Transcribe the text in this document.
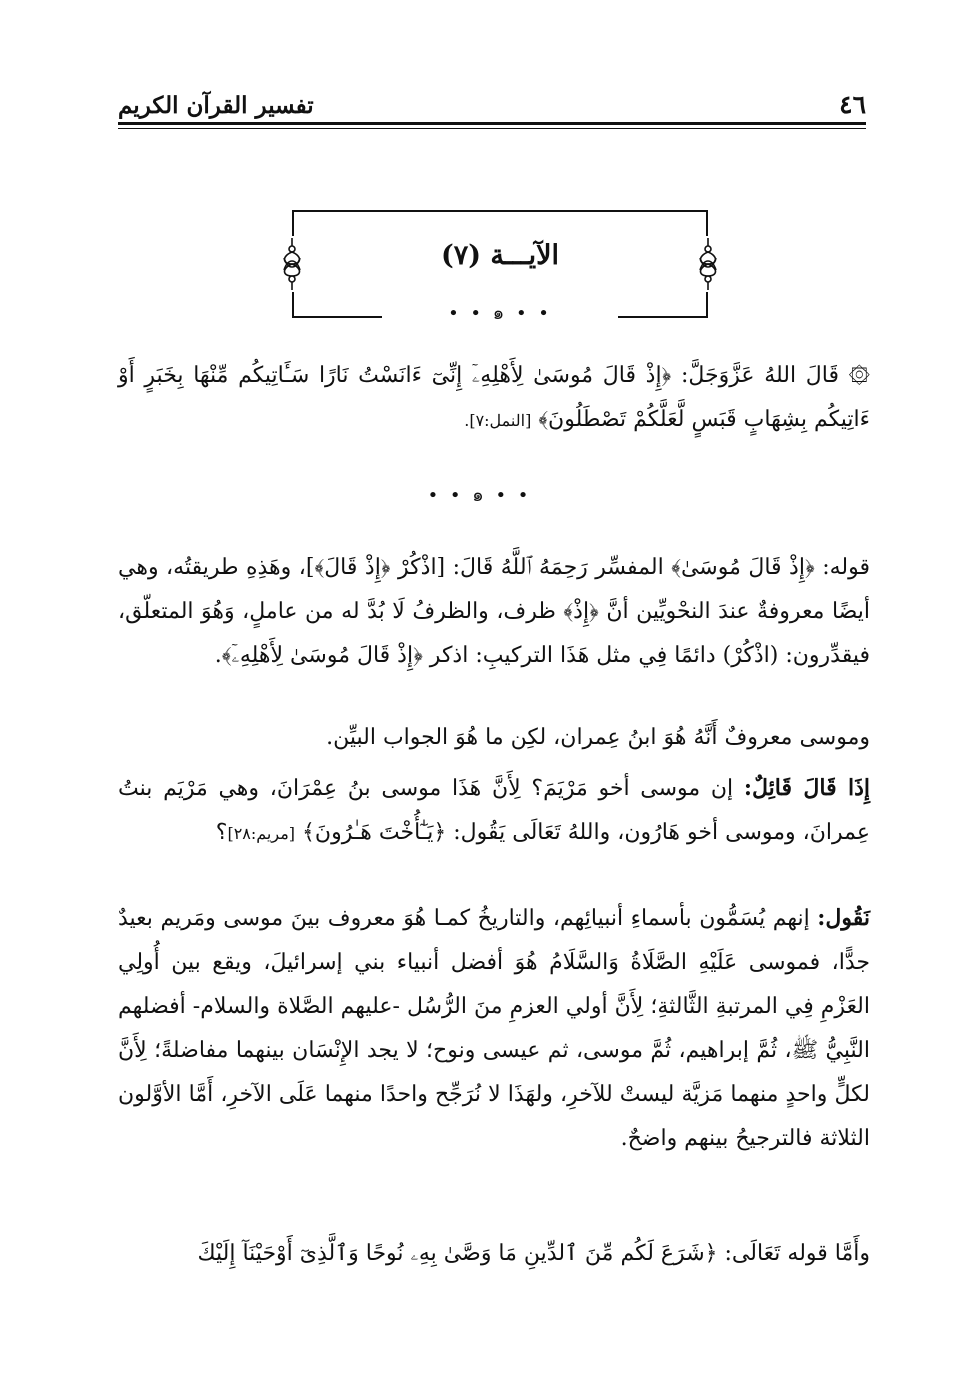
٤٦
تفسير القرآن الكريم
الآيـــة (٧)
• • ๑ • •

۞ قَالَ اللهُ عَزَّوَجَلَّ: ﴿إِذْ قَالَ مُوسَىٰ لِأَهْلِهِۦٓ إِنِّىٓ ءَانَسْتُ نَارًا سَـَٔاتِيكُم مِّنْهَا بِخَبَرٍ أَوْ ءَاتِيكُم بِشِهَابٍ قَبَسٍ لَّعَلَّكُمْ تَصْطَلُونَ﴾ [النمل:٧].

• • ๑ • •

قوله: ﴿إِذْ قَالَ مُوسَىٰ﴾ المفسِّر رَحِمَهُ ٱللَّهُ قَالَ: [اذْكُرْ ﴿إِذْ قَالَ﴾]، وهَذِهِ طريقتُه، وهي أيضًا معروفةٌ عندَ النحْويِّين أنَّ ﴿إِذْ﴾ ظرف، والظرفُ لَا بُدَّ له من عاملٍ، وَهُوَ المتعلّق، فيقدِّرون: (اذْكُرْ) دائمًا فِي مثل هَذَا التركيبِ: اذكر ﴿إِذْ قَالَ مُوسَىٰ لِأَهْلِهِۦٓ﴾.

وموسى معروفٌ أَنَّهُ هُوَ ابنُ عِمران، لكِن ما هُوَ الجواب البيِّن.

إِذَا قَالَ قَائِلٌ: إن موسى أخو مَرْيَمَ؟ لِأَنَّ هَذَا موسى بنُ عِمْرَانَ، وهي مَرْيَم بنتُ عِمرانَ، وموسى أخو هَارُون، واللهُ تَعَالَى يَقُول: ﴿يَـٰٓأُخْتَ هَـٰرُونَ﴾ [مريم:٢٨]؟

نَقُول: إنهم يُسَمُّون بأسماءِ أنبيائِهم، والتاريخُ كمـا هُوَ معروف بينَ موسى ومَريم بعيدٌ جدًّا، فموسى عَلَيْهِ الصَّلَاةُ وَالسَّلَامُ هُوَ أفضل أنبياء بني إسرائيلَ، ويقع بين أُولِي العَزْمِ فِي المرتبةِ الثَّالثةِ؛ لِأَنَّ أولي العزمِ منَ الرُّسُل -عليهم الصَّلاة والسلام- أفضلهم النَّبِيُّ ﷺ، ثُمَّ إبراهيم، ثُمَّ موسى، ثم عيسى ونوح؛ لا يجد الإِنْسَان بينهما مفاضلةً؛ لِأَنَّ لكلٍّ واحدٍ منهما مَزيَّة ليستْ للآخرِ، ولهَذَا لا نُرَجِّح واحدًا منهما عَلَى الآخرِ، أَمَّا الأوَّلون الثلاثة فالترجيحُ بينهم واضحٌ.

وأَمَّا قوله تَعَالَى: ﴿شَرَعَ لَكُم مِّنَ ٱلدِّينِ مَا وَصَّىٰ بِهِۦ نُوحًا وَٱلَّذِىٓ أَوْحَيْنَآ إِلَيْكَ
